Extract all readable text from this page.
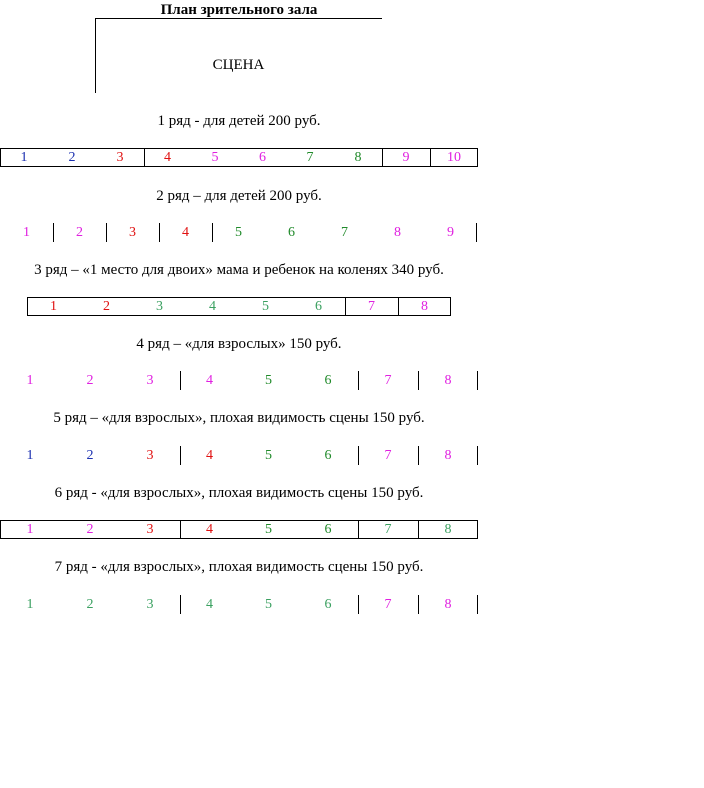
План зрительного зала
СЦЕНА
1 ряд - для детей 200 руб.
1	2	3	4	5	6	7	8	9	10
2 ряд – для детей 200 руб.
1	2	3	4	5	6	7	8	9
3 ряд – «1 место для двоих» мама и ребенок на коленях 340 руб.
1	2	3	4	5	6	7	8
4 ряд – «для взрослых» 150 руб.
1	2	3	4	5	6	7	8
5 ряд – «для взрослых», плохая видимость сцены 150 руб.
1	2	3	4	5	6	7	8
6 ряд - «для взрослых», плохая видимость сцены 150 руб.
1	2	3	4	5	6	7	8
7 ряд - «для взрослых», плохая видимость сцены 150 руб.
1	2	3	4	5	6	7	8
